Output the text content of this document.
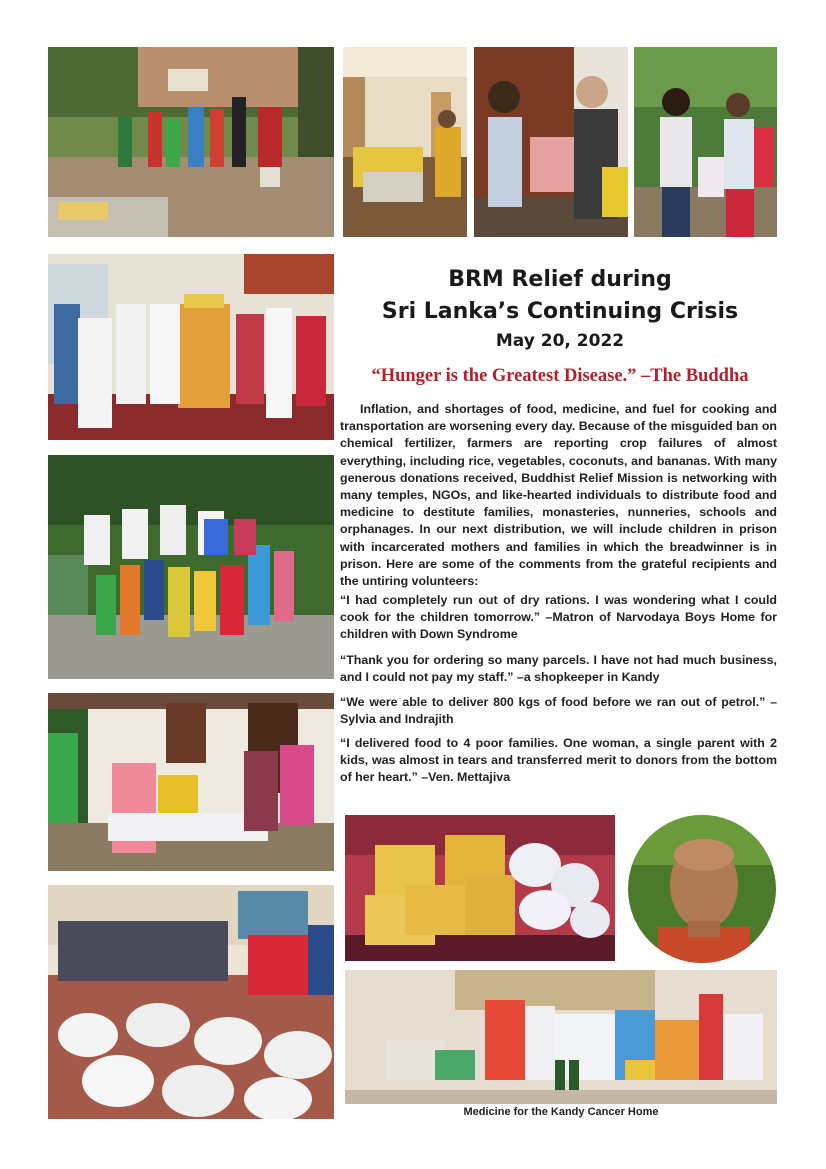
BRM Relief during
Sri Lanka’s Continuing Crisis
May 20, 2022

“Hunger is the Greatest Disease.” –The Buddha

Inflation, and shortages of food, medicine, and fuel for cooking and transportation are worsening every day. Because of the misguided ban on chemical fertilizer, farmers are reporting crop failures of almost everything, including rice, vegetables, coconuts, and bananas. With many generous donations received, Buddhist Relief Mission is networking with many temples, NGOs, and like-hearted individuals to distribute food and medicine to destitute families, monasteries, nunneries, schools and orphanages. In our next distribution, we will include children in prison with incarcerated mothers and families in which the breadwinner is in prison. Here are some of the comments from the grateful recipients and the untiring volunteers:

“I had completely run out of dry rations. I was wondering what I could cook for the children tomorrow.” –Matron of Narvodaya Boys Home for children with Down Syndrome

“Thank you for ordering so many parcels. I have not had much business, and I could not pay my staff.” –a shopkeeper in Kandy

“We were able to deliver 800 kgs of food before we ran out of petrol.” –Sylvia and Indrajith

“I delivered food to 4 poor families. One woman, a single parent with 2 kids, was almost in tears and transferred merit to donors from the bottom of her heart.” –Ven. Mettajiva

Medicine for the Kandy Cancer Home
